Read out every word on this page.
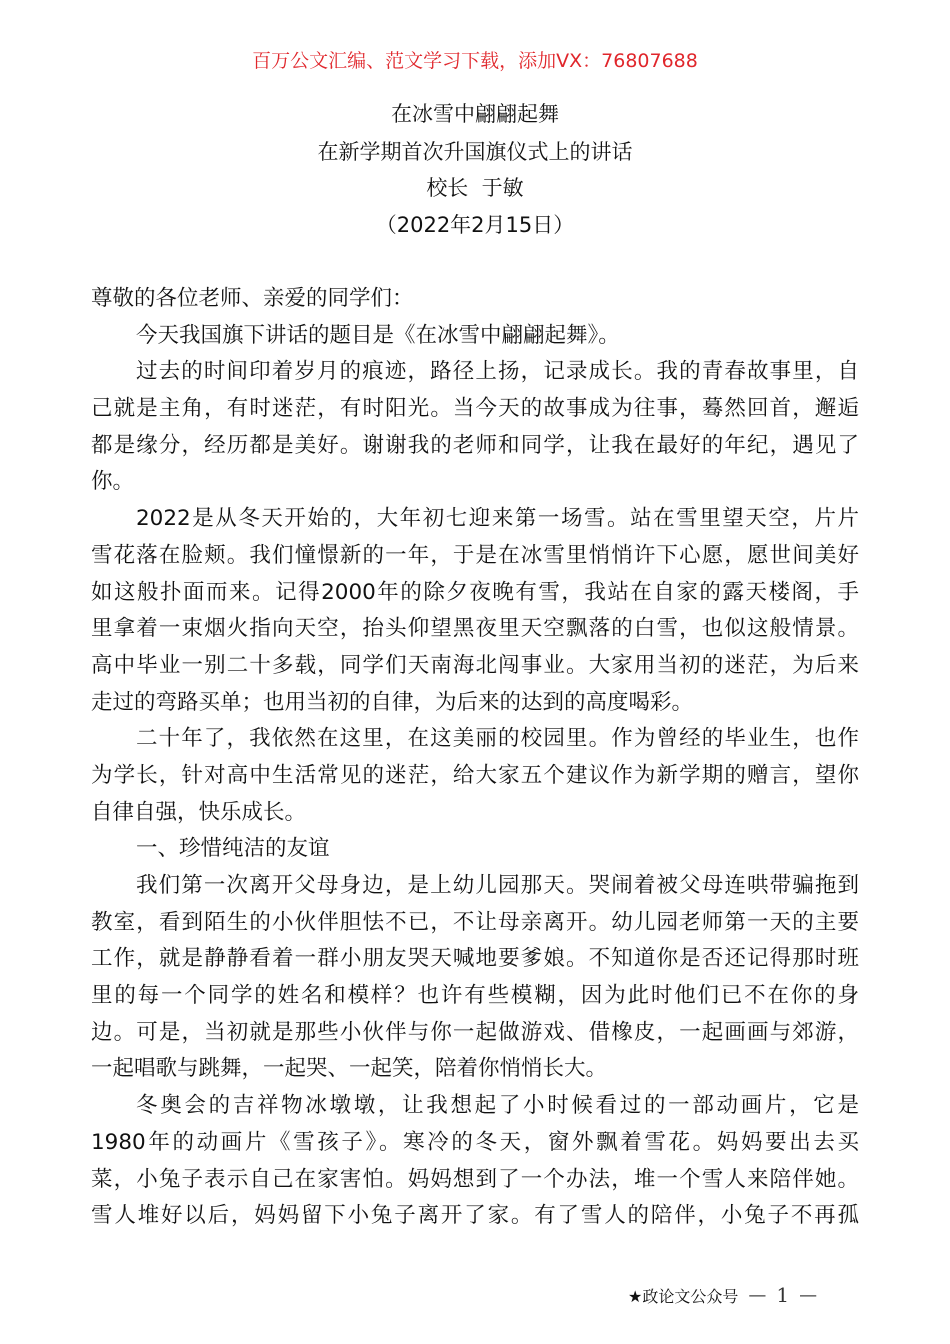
百万公文汇编、范文学习下载，添加VX：76807688
在冰雪中翩翩起舞
在新学期首次升国旗仪式上的讲话
校长  于敏
（2022年2月15日）
尊敬的各位老师、亲爱的同学们：
今天我国旗下讲话的题目是《在冰雪中翩翩起舞》。
过去的时间印着岁月的痕迹，路径上扬，记录成长。我的青春故事里，自
己就是主角，有时迷茫，有时阳光。当今天的故事成为往事，蓦然回首，邂逅
都是缘分，经历都是美好。谢谢我的老师和同学，让我在最好的年纪，遇见了
你。
2022是从冬天开始的，大年初七迎来第一场雪。站在雪里望天空，片片
雪花落在脸颊。我们憧憬新的一年，于是在冰雪里悄悄许下心愿，愿世间美好
如这般扑面而来。记得2000年的除夕夜晚有雪，我站在自家的露天楼阁，手
里拿着一束烟火指向天空，抬头仰望黑夜里天空飘落的白雪，也似这般情景。
高中毕业一别二十多载，同学们天南海北闯事业。大家用当初的迷茫，为后来
走过的弯路买单；也用当初的自律，为后来的达到的高度喝彩。
二十年了，我依然在这里，在这美丽的校园里。作为曾经的毕业生，也作
为学长，针对高中生活常见的迷茫，给大家五个建议作为新学期的赠言，望你
自律自强，快乐成长。
一、珍惜纯洁的友谊
我们第一次离开父母身边，是上幼儿园那天。哭闹着被父母连哄带骗拖到
教室，看到陌生的小伙伴胆怯不已，不让母亲离开。幼儿园老师第一天的主要
工作，就是静静看着一群小朋友哭天喊地要爹娘。不知道你是否还记得那时班
里的每一个同学的姓名和模样？也许有些模糊，因为此时他们已不在你的身
边。可是，当初就是那些小伙伴与你一起做游戏、借橡皮，一起画画与郊游，
一起唱歌与跳舞，一起哭、一起笑，陪着你悄悄长大。
冬奥会的吉祥物冰墩墩，让我想起了小时候看过的一部动画片，它是
1980年的动画片《雪孩子》。寒冷的冬天，窗外飘着雪花。妈妈要出去买
菜，小兔子表示自己在家害怕。妈妈想到了一个办法，堆一个雪人来陪伴她。
雪人堆好以后，妈妈留下小兔子离开了家。有了雪人的陪伴，小兔子不再孤
★政论文公众号 — 1 —
